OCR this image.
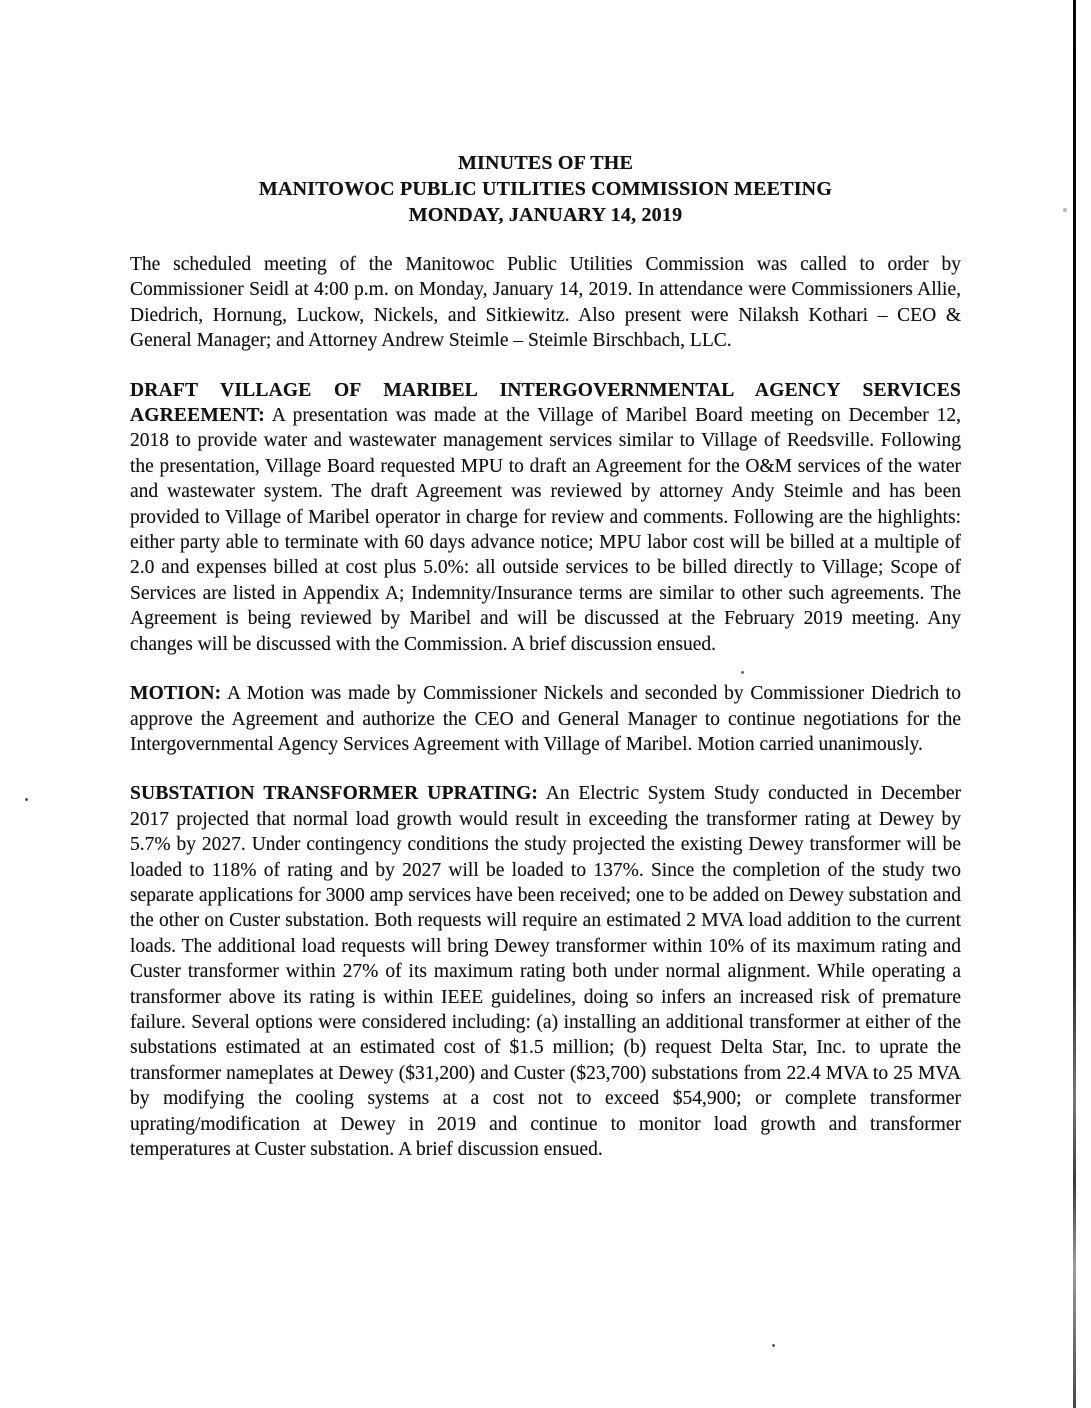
MINUTES OF THE
MANITOWOC PUBLIC UTILITIES COMMISSION MEETING
MONDAY, JANUARY 14, 2019

The scheduled meeting of the Manitowoc Public Utilities Commission was called to order by Commissioner Seidl at 4:00 p.m. on Monday, January 14, 2019. In attendance were Commissioners Allie, Diedrich, Hornung, Luckow, Nickels, and Sitkiewitz. Also present were Nilaksh Kothari – CEO & General Manager; and Attorney Andrew Steimle – Steimle Birschbach, LLC.

DRAFT VILLAGE OF MARIBEL INTERGOVERNMENTAL AGENCY SERVICES AGREEMENT: A presentation was made at the Village of Maribel Board meeting on December 12, 2018 to provide water and wastewater management services similar to Village of Reedsville. Following the presentation, Village Board requested MPU to draft an Agreement for the O&M services of the water and wastewater system. The draft Agreement was reviewed by attorney Andy Steimle and has been provided to Village of Maribel operator in charge for review and comments. Following are the highlights: either party able to terminate with 60 days advance notice; MPU labor cost will be billed at a multiple of 2.0 and expenses billed at cost plus 5.0%: all outside services to be billed directly to Village; Scope of Services are listed in Appendix A; Indemnity/Insurance terms are similar to other such agreements. The Agreement is being reviewed by Maribel and will be discussed at the February 2019 meeting. Any changes will be discussed with the Commission. A brief discussion ensued.

MOTION: A Motion was made by Commissioner Nickels and seconded by Commissioner Diedrich to approve the Agreement and authorize the CEO and General Manager to continue negotiations for the Intergovernmental Agency Services Agreement with Village of Maribel. Motion carried unanimously.

SUBSTATION TRANSFORMER UPRATING: An Electric System Study conducted in December 2017 projected that normal load growth would result in exceeding the transformer rating at Dewey by 5.7% by 2027. Under contingency conditions the study projected the existing Dewey transformer will be loaded to 118% of rating and by 2027 will be loaded to 137%. Since the completion of the study two separate applications for 3000 amp services have been received; one to be added on Dewey substation and the other on Custer substation. Both requests will require an estimated 2 MVA load addition to the current loads. The additional load requests will bring Dewey transformer within 10% of its maximum rating and Custer transformer within 27% of its maximum rating both under normal alignment. While operating a transformer above its rating is within IEEE guidelines, doing so infers an increased risk of premature failure. Several options were considered including: (a) installing an additional transformer at either of the substations estimated at an estimated cost of $1.5 million; (b) request Delta Star, Inc. to uprate the transformer nameplates at Dewey ($31,200) and Custer ($23,700) substations from 22.4 MVA to 25 MVA by modifying the cooling systems at a cost not to exceed $54,900; or complete transformer uprating/modification at Dewey in 2019 and continue to monitor load growth and transformer temperatures at Custer substation. A brief discussion ensued.
